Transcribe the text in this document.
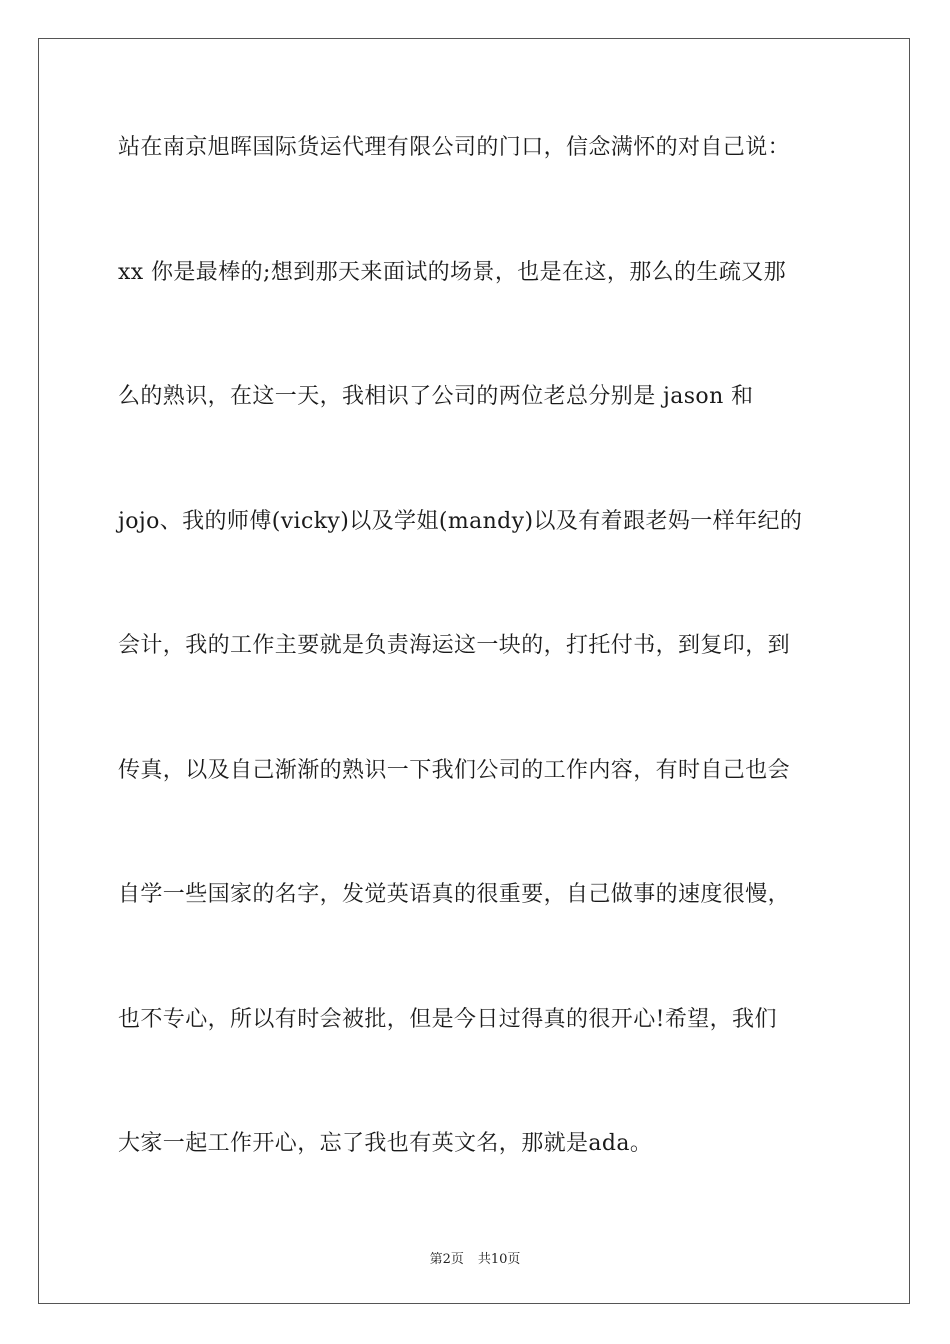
站在南京旭晖国际货运代理有限公司的门口，信念满怀的对自己说：
xx 你是最棒的;想到那天来面试的场景，也是在这，那么的生疏又那
么的熟识，在这一天，我相识了公司的两位老总分别是 jason 和
jojo、我的师傅(vicky)以及学姐(mandy)以及有着跟老妈一样年纪的
会计，我的工作主要就是负责海运这一块的，打托付书，到复印，到
传真，以及自己渐渐的熟识一下我们公司的工作内容，有时自己也会
自学一些国家的名字，发觉英语真的很重要，自己做事的速度很慢，
也不专心，所以有时会被批，但是今日过得真的很开心!希望，我们
大家一起工作开心，忘了我也有英文名，那就是ada。
第2页 共10页
